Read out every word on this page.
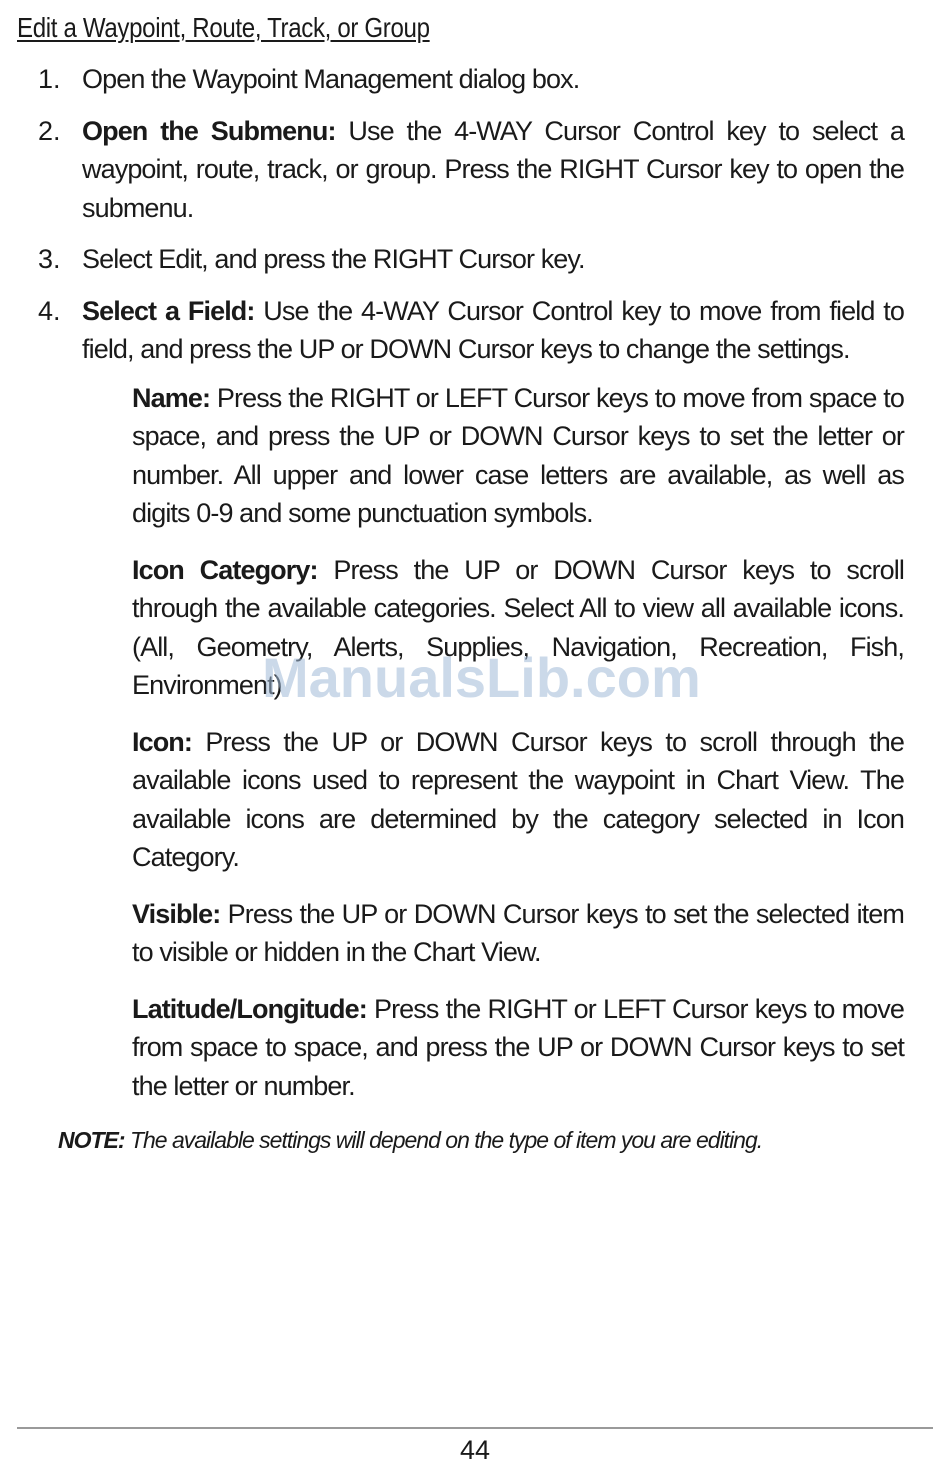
Edit a Waypoint, Route, Track, or Group
1. Open the Waypoint Management dialog box.
2. Open the Submenu: Use the 4-WAY Cursor Control key to select a waypoint, route, track, or group. Press the RIGHT Cursor key to open the submenu.
3. Select Edit, and press the RIGHT Cursor key.
4. Select a Field: Use the 4-WAY Cursor Control key to move from field to field, and press the UP or DOWN Cursor keys to change the settings.
Name: Press the RIGHT or LEFT Cursor keys to move from space to space, and press the UP or DOWN Cursor keys to set the letter or number. All upper and lower case letters are available, as well as digits 0-9 and some punctuation symbols.
Icon Category: Press the UP or DOWN Cursor keys to scroll through the available categories. Select All to view all available icons. (All, Geometry, Alerts, Supplies, Navigation, Recreation, Fish, Environment)
Icon: Press the UP or DOWN Cursor keys to scroll through the available icons used to represent the waypoint in Chart View. The available icons are determined by the category selected in Icon Category.
Visible: Press the UP or DOWN Cursor keys to set the selected item to visible or hidden in the Chart View.
Latitude/Longitude: Press the RIGHT or LEFT Cursor keys to move from space to space, and press the UP or DOWN Cursor keys to set the letter or number.
NOTE: The available settings will depend on the type of item you are editing.
ManualsLib.com
44
